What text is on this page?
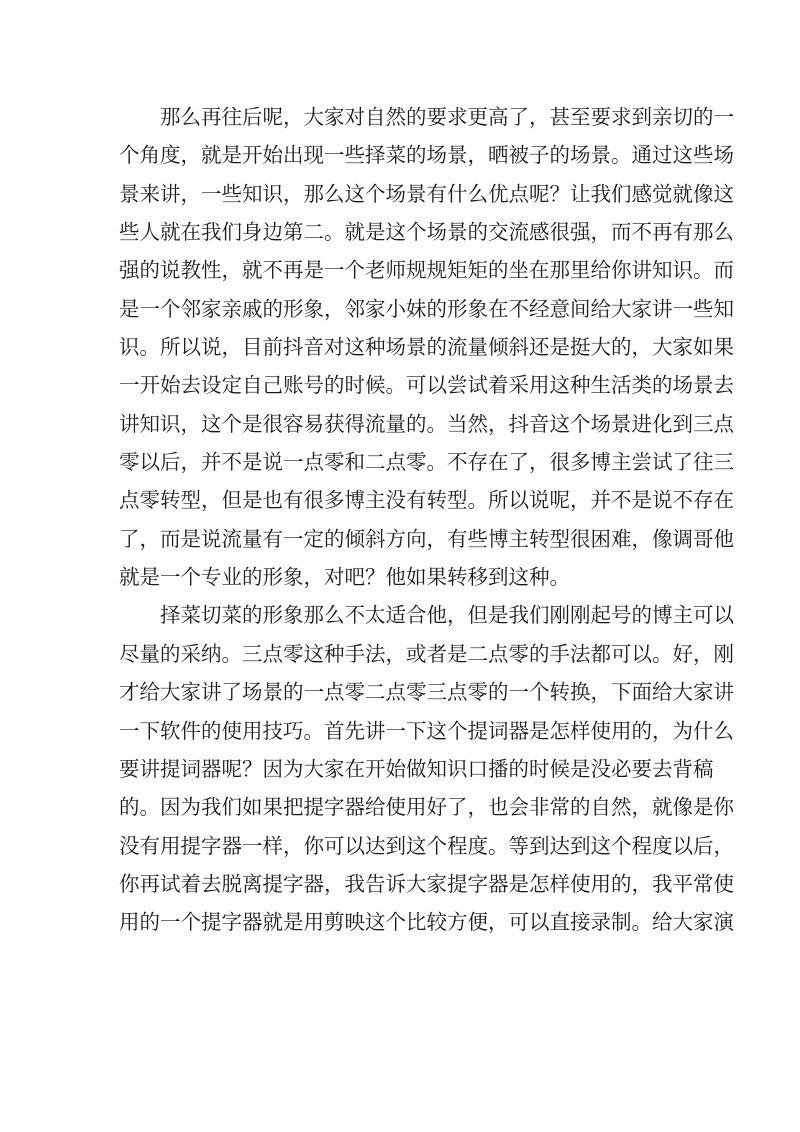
那么再往后呢，大家对自然的要求更高了，甚至要求到亲切的一
个角度，就是开始出现一些择菜的场景，晒被子的场景。通过这些场
景来讲，一些知识，那么这个场景有什么优点呢？让我们感觉就像这
些人就在我们身边第二。就是这个场景的交流感很强，而不再有那么
强的说教性，就不再是一个老师规规矩矩的坐在那里给你讲知识。而
是一个邻家亲戚的形象，邻家小妹的形象在不经意间给大家讲一些知
识。所以说，目前抖音对这种场景的流量倾斜还是挺大的，大家如果
一开始去设定自己账号的时候。可以尝试着采用这种生活类的场景去
讲知识，这个是很容易获得流量的。当然，抖音这个场景进化到三点
零以后，并不是说一点零和二点零。不存在了，很多博主尝试了往三
点零转型，但是也有很多博主没有转型。所以说呢，并不是说不存在
了，而是说流量有一定的倾斜方向，有些博主转型很困难，像调哥他
就是一个专业的形象，对吧？他如果转移到这种。
择菜切菜的形象那么不太适合他，但是我们刚刚起号的博主可以
尽量的采纳。三点零这种手法，或者是二点零的手法都可以。好，刚
才给大家讲了场景的一点零二点零三点零的一个转换，下面给大家讲
一下软件的使用技巧。首先讲一下这个提词器是怎样使用的，为什么
要讲提词器呢？因为大家在开始做知识口播的时候是没必要去背稿
的。因为我们如果把提字器给使用好了，也会非常的自然，就像是你
没有用提字器一样，你可以达到这个程度。等到达到这个程度以后，
你再试着去脱离提字器，我告诉大家提字器是怎样使用的，我平常使
用的一个提字器就是用剪映这个比较方便，可以直接录制。给大家演
